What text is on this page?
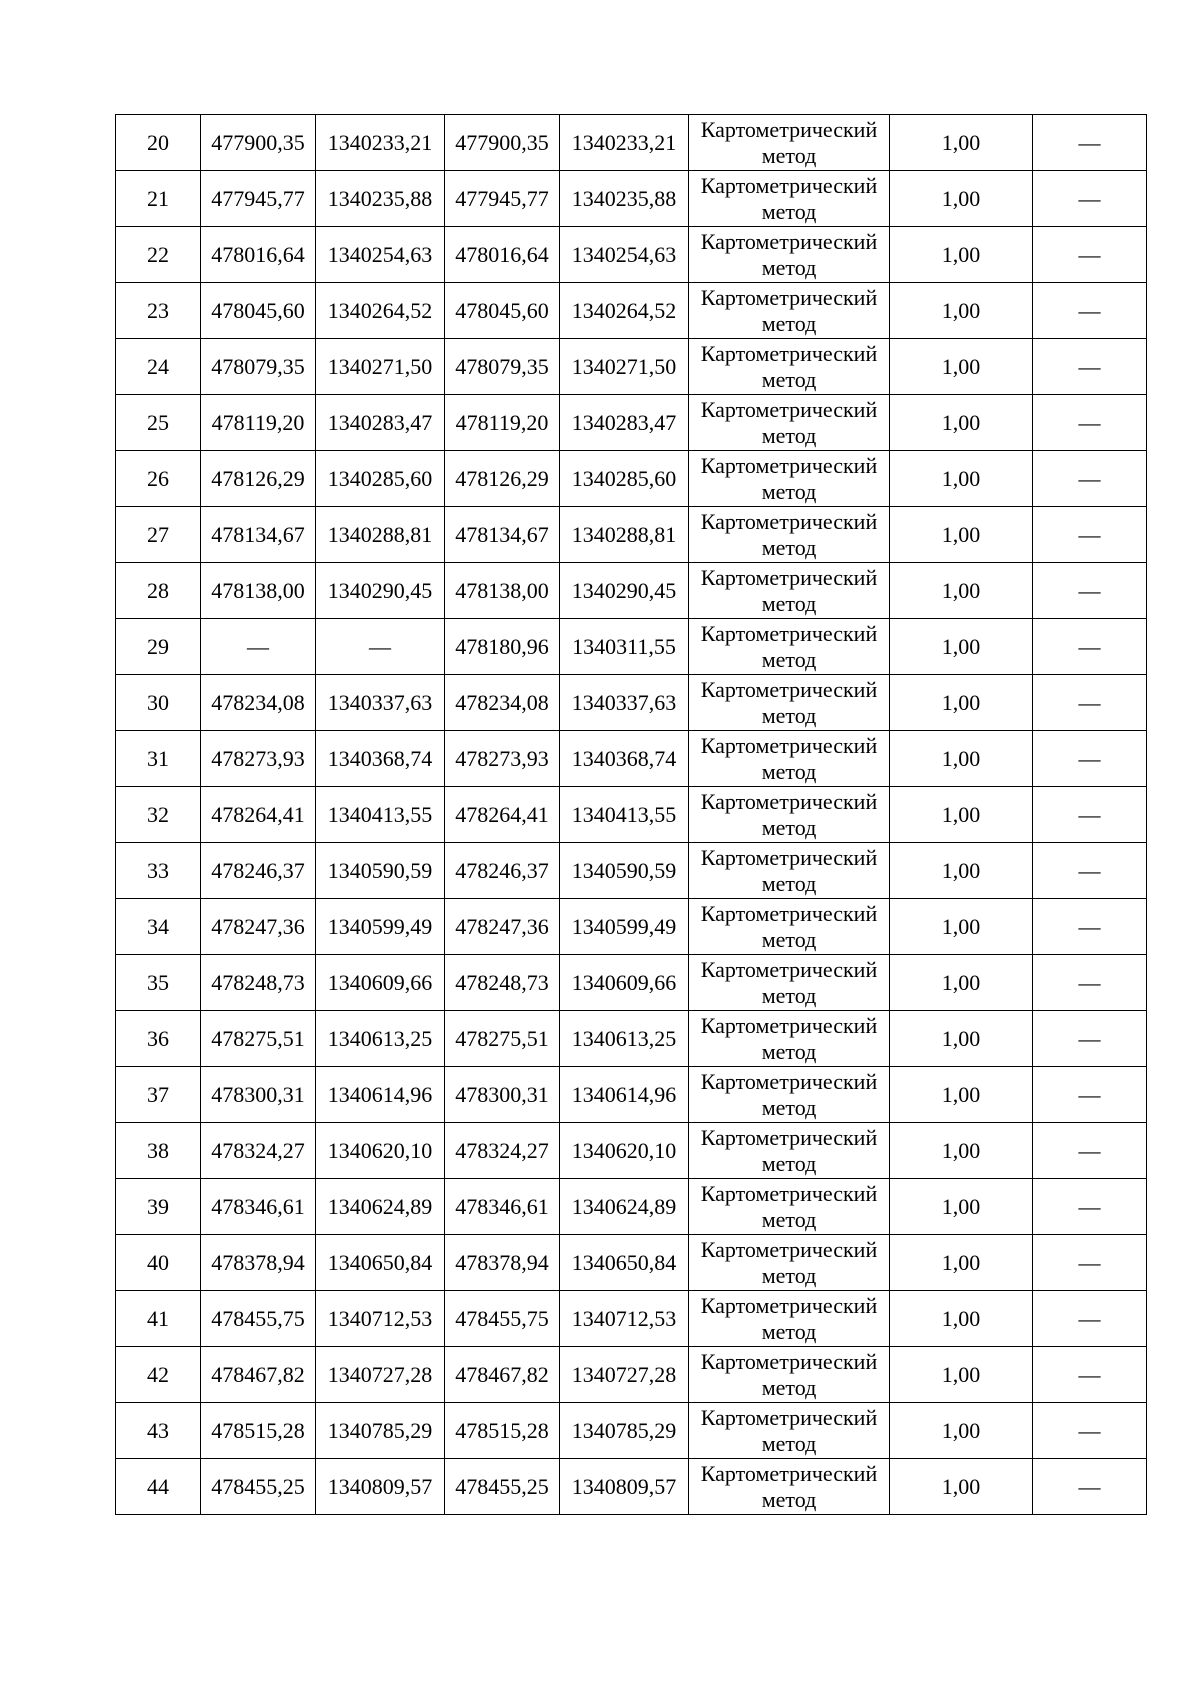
20	477900,35	1340233,21	477900,35	1340233,21	Картометрический
метод	1,00	—
21	477945,77	1340235,88	477945,77	1340235,88	Картометрический
метод	1,00	—
22	478016,64	1340254,63	478016,64	1340254,63	Картометрический
метод	1,00	—
23	478045,60	1340264,52	478045,60	1340264,52	Картометрический
метод	1,00	—
24	478079,35	1340271,50	478079,35	1340271,50	Картометрический
метод	1,00	—
25	478119,20	1340283,47	478119,20	1340283,47	Картометрический
метод	1,00	—
26	478126,29	1340285,60	478126,29	1340285,60	Картометрический
метод	1,00	—
27	478134,67	1340288,81	478134,67	1340288,81	Картометрический
метод	1,00	—
28	478138,00	1340290,45	478138,00	1340290,45	Картометрический
метод	1,00	—
29	—	—	478180,96	1340311,55	Картометрический
метод	1,00	—
30	478234,08	1340337,63	478234,08	1340337,63	Картометрический
метод	1,00	—
31	478273,93	1340368,74	478273,93	1340368,74	Картометрический
метод	1,00	—
32	478264,41	1340413,55	478264,41	1340413,55	Картометрический
метод	1,00	—
33	478246,37	1340590,59	478246,37	1340590,59	Картометрический
метод	1,00	—
34	478247,36	1340599,49	478247,36	1340599,49	Картометрический
метод	1,00	—
35	478248,73	1340609,66	478248,73	1340609,66	Картометрический
метод	1,00	—
36	478275,51	1340613,25	478275,51	1340613,25	Картометрический
метод	1,00	—
37	478300,31	1340614,96	478300,31	1340614,96	Картометрический
метод	1,00	—
38	478324,27	1340620,10	478324,27	1340620,10	Картометрический
метод	1,00	—
39	478346,61	1340624,89	478346,61	1340624,89	Картометрический
метод	1,00	—
40	478378,94	1340650,84	478378,94	1340650,84	Картометрический
метод	1,00	—
41	478455,75	1340712,53	478455,75	1340712,53	Картометрический
метод	1,00	—
42	478467,82	1340727,28	478467,82	1340727,28	Картометрический
метод	1,00	—
43	478515,28	1340785,29	478515,28	1340785,29	Картометрический
метод	1,00	—
44	478455,25	1340809,57	478455,25	1340809,57	Картометрический
метод	1,00	—
